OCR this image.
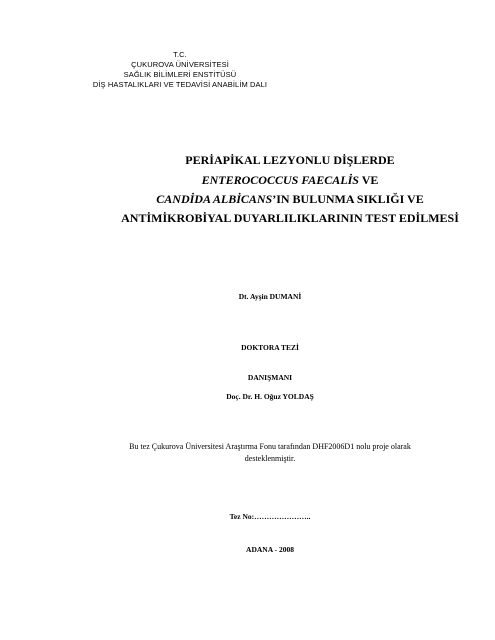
T.C.
ÇUKUROVA ÜNİVERSİTESİ
SAĞLIK BİLİMLERİ ENSTİTÜSÜ
DİŞ HASTALIKLARI VE TEDAVİSİ ANABİLİM DALI
PERİAPİKAL LEZYONLU DİŞLERDE
ENTEROCOCCUS FAECALİS VE
CANDİDA ALBİCANS’IN BULUNMA SIKLIĞI VE
ANTİMİKROBİYAL DUYARLILIKLARININ TEST EDİLMESİ
Dt. Ayşin DUMANİ
DOKTORA TEZİ
DANIŞMANI
Doç. Dr. H. Oğuz YOLDAŞ
Bu tez Çukurova Üniversitesi Araştırma Fonu tarafından DHF2006D1 nolu proje olarak
desteklenmiştir.
Tez No:…………………..
ADANA - 2008
